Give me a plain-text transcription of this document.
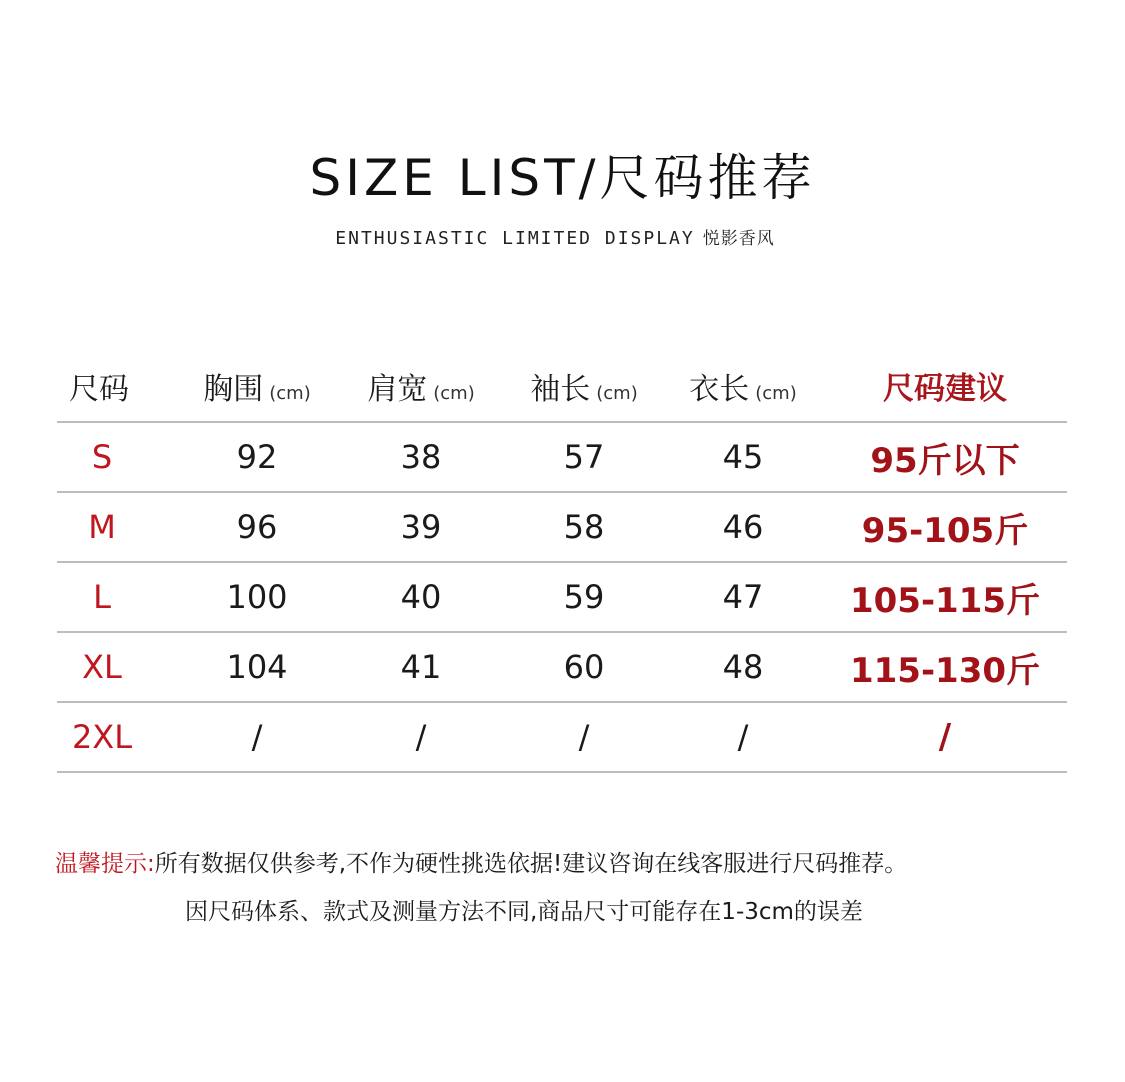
SIZE LIST/尺码推荐
ENTHUSIASTIC LIMITED DISPLAY 悦影香风
尺码	胸围 (cm)	肩宽 (cm)	袖长 (cm)	衣长 (cm)	尺码建议
S	92	38	57	45	95斤以下
M	96	39	58	46	95-105斤
L	100	40	59	47	105-115斤
XL	104	41	60	48	115-130斤
2XL	/	/	/	/	/
温馨提示:所有数据仅供参考,不作为硬性挑选依据!建议咨询在线客服进行尺码推荐。
因尺码体系、款式及测量方法不同,商品尺寸可能存在1-3cm的误差
